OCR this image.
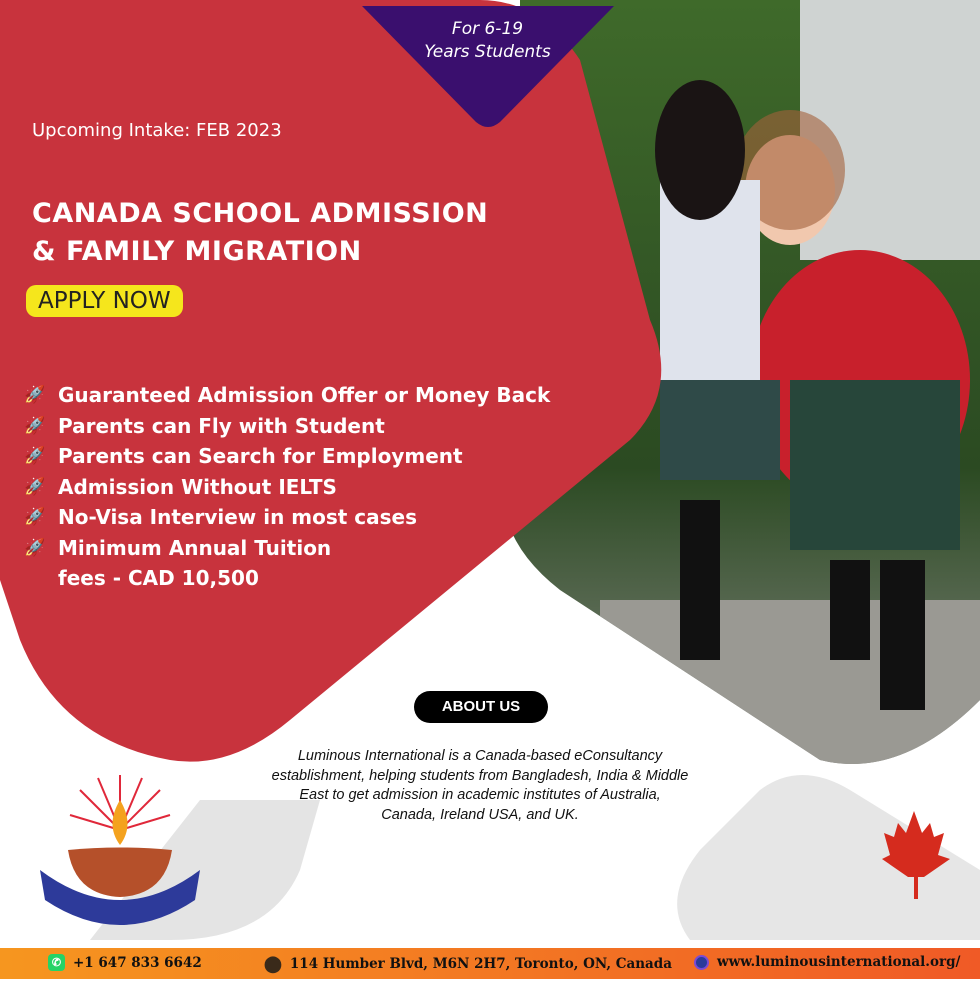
For 6-19
Years Students
Upcoming Intake: FEB 2023
CANADA SCHOOL ADMISSION
& FAMILY MIGRATION
APPLY NOW
🚀 Guaranteed Admission Offer or Money Back
🚀 Parents can Fly with Student
🚀 Parents can Search for Employment
🚀 Admission Without IELTS
🚀 No-Visa Interview in most cases
🚀 Minimum Annual Tuition fees - CAD 10,500
ABOUT US
Luminous International is a Canada-based eConsultancy establishment, helping students from Bangladesh, India & Middle East to get admission in academic institutes of Australia, Canada, Ireland USA, and UK.
✆ +1 647 833 6642	⬤ 114 Humber Blvd, M6N 2H7, Toronto, ON, Canada	www.luminousinternational.org/
